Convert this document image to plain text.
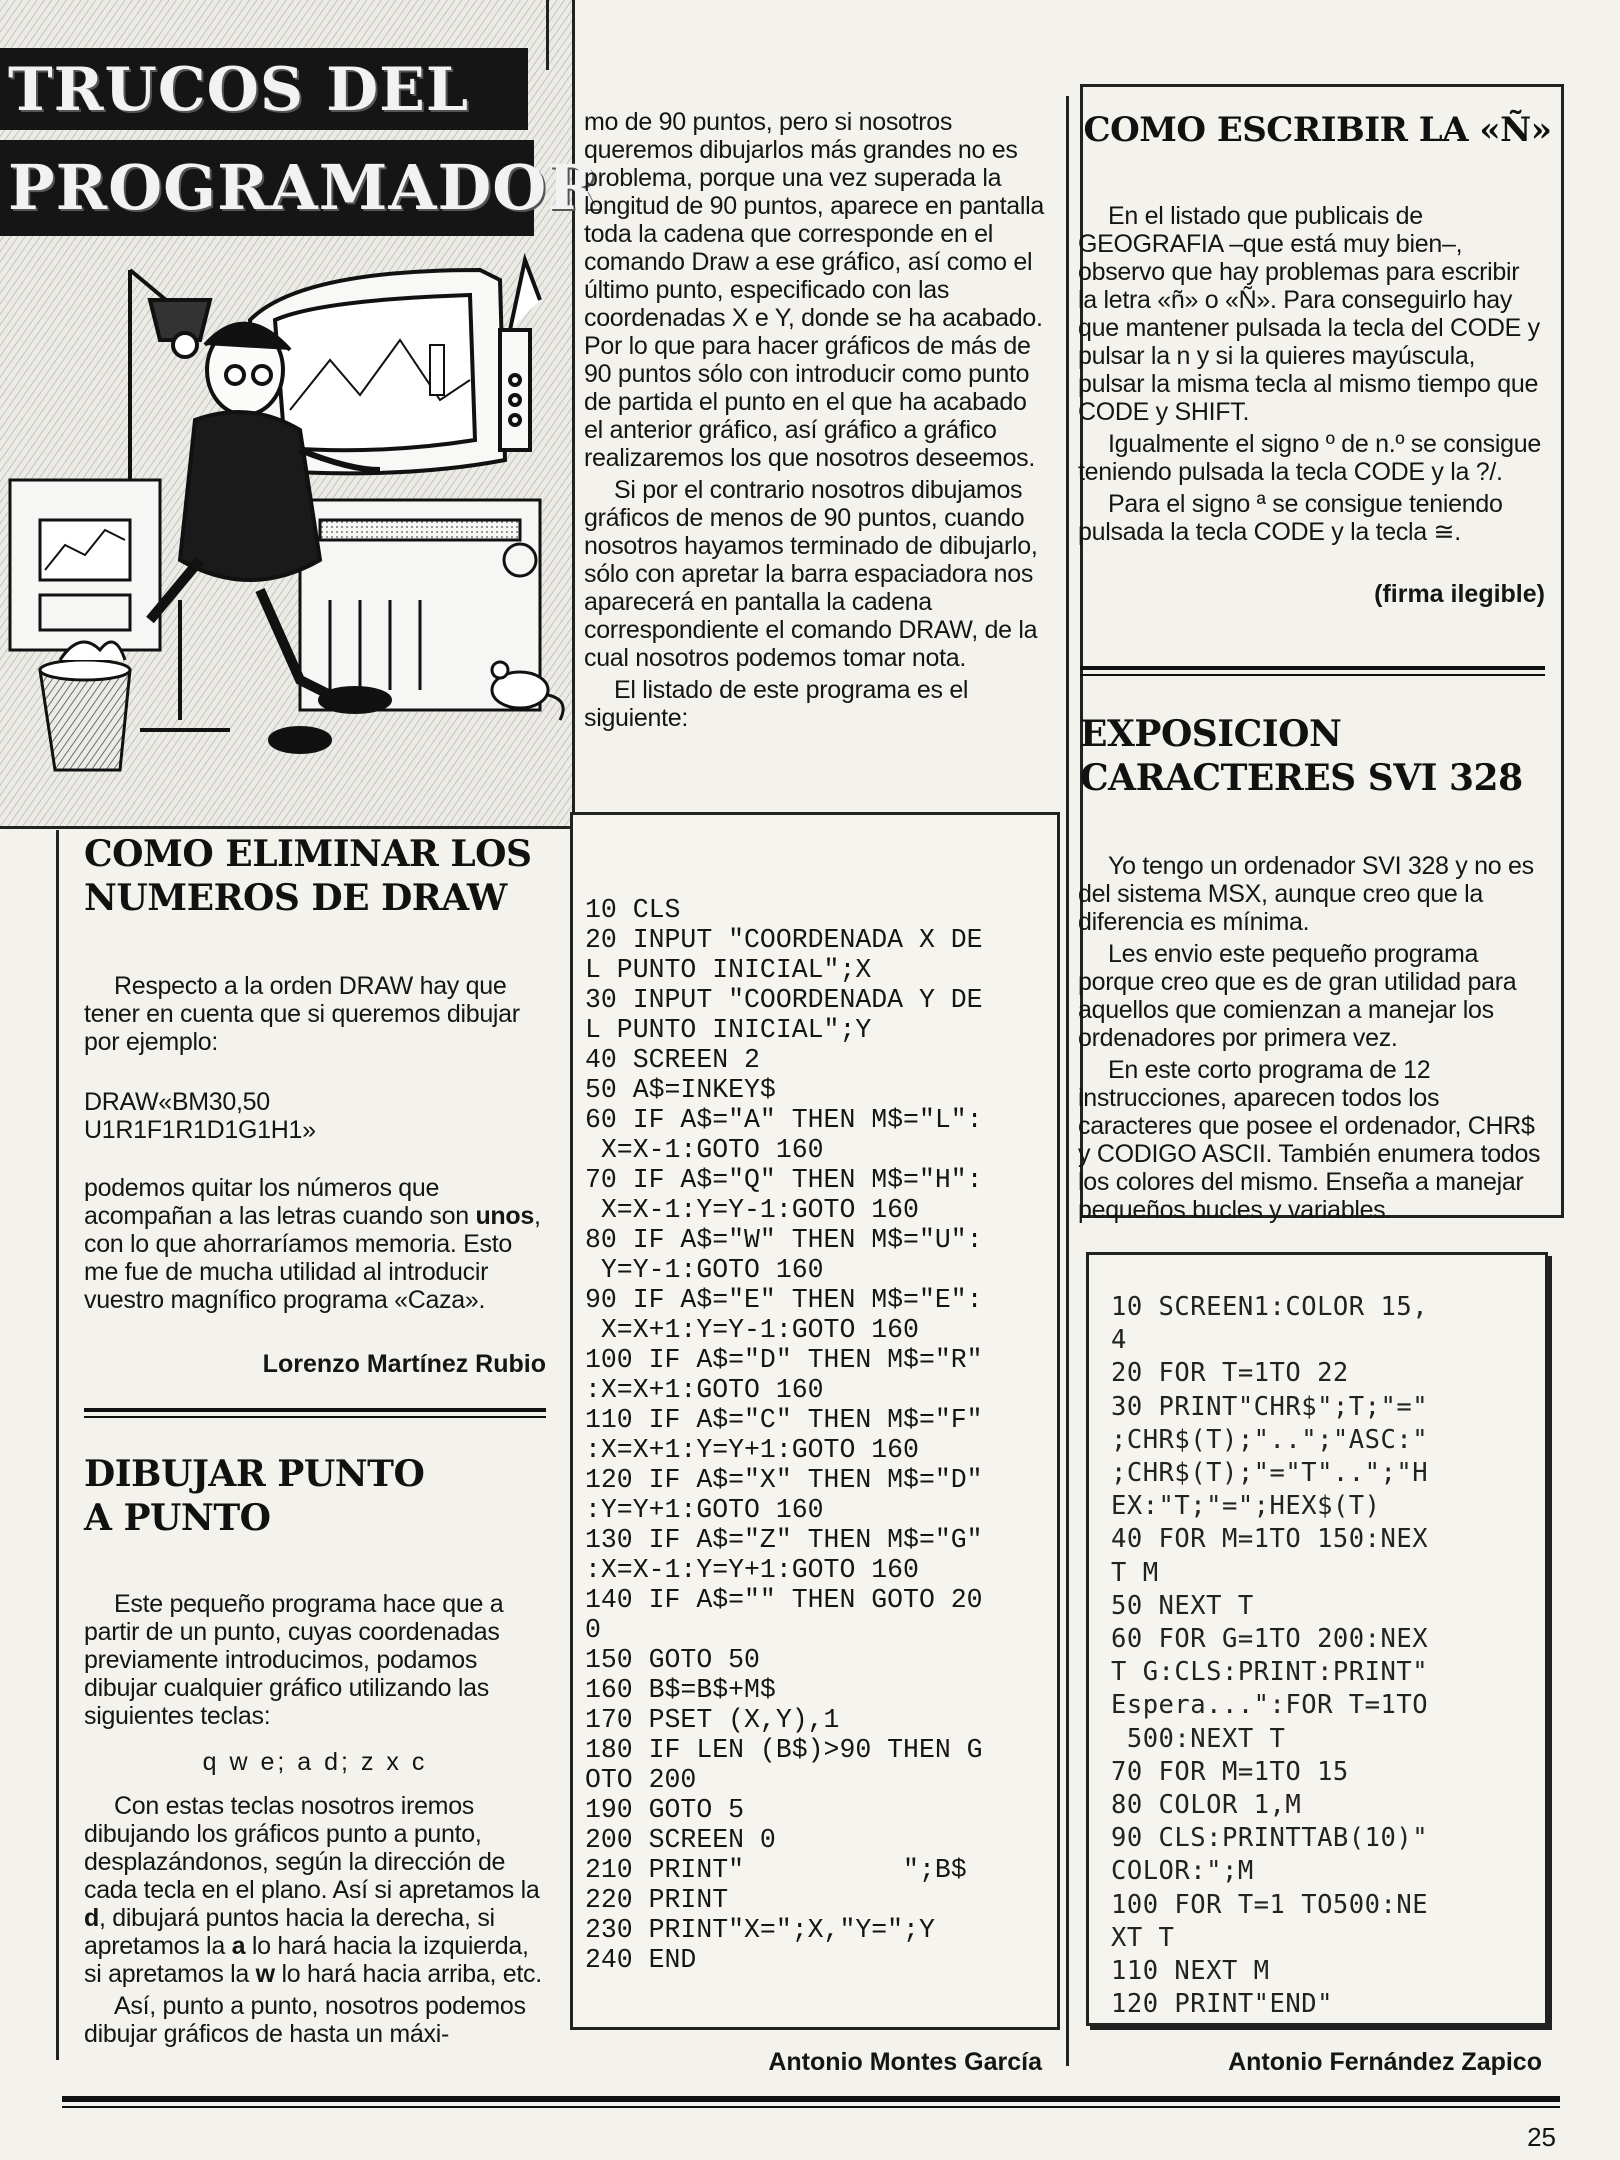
TRUCOS DEL
PROGRAMADOR

mo de 90 puntos, pero si nosotros queremos dibujarlos más grandes no es problema, porque una vez superada la longitud de 90 puntos, aparece en pantalla toda la cadena que corresponde en el comando Draw a ese gráfico, así como el último punto, especificado con las coordenadas X e Y, donde se ha acabado. Por lo que para hacer gráficos de más de 90 puntos sólo con introducir como punto de partida el punto en el que ha acabado el anterior gráfico, así gráfico a gráfico realizaremos los que nosotros deseemos.

Si por el contrario nosotros dibujamos gráficos de menos de 90 puntos, cuando nosotros hayamos terminado de dibujarlo, sólo con apretar la barra espaciadora nos aparecerá en pantalla la cadena correspondiente el comando DRAW, de la cual nosotros podemos tomar nota.

El listado de este programa es el siguiente:

COMO ESCRIBIR LA «Ñ»

En el listado que publicais de GEOGRAFIA –que está muy bien–, observo que hay problemas para escribir la letra «ñ» o «Ñ». Para conseguirlo hay que mantener pulsada la tecla del CODE y pulsar la n y si la quieres mayúscula, pulsar la misma tecla al mismo tiempo que CODE y SHIFT.

Igualmente el signo º de n.º se consigue teniendo pulsada la tecla CODE y la ?/.

Para el signo ª se consigue teniendo pulsada la tecla CODE y la tecla ≅.

(firma ilegible)
EXPOSICION
CARACTERES SVI 328

Yo tengo un ordenador SVI 328 y no es del sistema MSX, aunque creo que la diferencia es mínima.

Les envio este pequeño programa porque creo que es de gran utilidad para aquellos que comienzan a manejar los ordenadores por primera vez.

En este corto programa de 12 instrucciones, aparecen todos los caracteres que posee el ordenador, CHR$ y CODIGO ASCII. También enumera todos los colores del mismo. Enseña a manejar pequeños bucles y variables.

10 SCREEN1:COLOR 15,
4
20 FOR T=1TO 22
30 PRINT"CHR$";T;"="
;CHR$(T);"..";"ASC:"
;CHR$(T);"="T"..";"H
EX:"T;"=";HEX$(T)
40 FOR M=1TO 150:NEX
T M
50 NEXT T
60 FOR G=1TO 200:NEX
T G:CLS:PRINT:PRINT"
Espera...":FOR T=1TO
500:NEXT T
70 FOR M=1TO 15
80 COLOR 1,M
90 CLS:PRINTTAB(10)"
COLOR:";M
100 FOR T=1 TO500:NE
XT T
110 NEXT M
120 PRINT"END"
Antonio Fernández Zapico
10 CLS
20 INPUT "COORDENADA X DE
L PUNTO INICIAL";X
30 INPUT "COORDENADA Y DE
L PUNTO INICIAL";Y
40 SCREEN 2
50 A$=INKEY$
60 IF A$="A" THEN M$="L":
X=X-1:GOTO 160
70 IF A$="Q" THEN M$="H":
X=X-1:Y=Y-1:GOTO 160
80 IF A$="W" THEN M$="U":
Y=Y-1:GOTO 160
90 IF A$="E" THEN M$="E":
X=X+1:Y=Y-1:GOTO 160
100 IF A$="D" THEN M$="R"
:X=X+1:GOTO 160
110 IF A$="C" THEN M$="F"
:X=X+1:Y=Y+1:GOTO 160
120 IF A$="X" THEN M$="D"
:Y=Y+1:GOTO 160
130 IF A$="Z" THEN M$="G"
:X=X-1:Y=Y+1:GOTO 160
140 IF A$="" THEN GOTO 20
0
150 GOTO 50
160 B$=B$+M$
170 PSET (X,Y),1
180 IF LEN (B$)>90 THEN G
OTO 200
190 GOTO 5
200 SCREEN 0
210 PRINT"          ";B$
220 PRINT
230 PRINT"X=";X,"Y=";Y
240 END
Antonio Montes García
COMO ELIMINAR LOS
NUMEROS DE DRAW

Respecto a la orden DRAW hay que tener en cuenta que si queremos dibujar por ejemplo:

DRAW«BM30,50
U1R1F1R1D1G1H1»

podemos quitar los números que acompañan a las letras cuando son unos, con lo que ahorraríamos memoria. Esto me fue de mucha utilidad al introducir vuestro magnífico programa «Caza».

Lorenzo Martínez Rubio
DIBUJAR PUNTO
A PUNTO

Este pequeño programa hace que a partir de un punto, cuyas coordenadas previamente introducimos, podamos dibujar cualquier gráfico utilizando las siguientes teclas:

q w e; a d; z x c

Con estas teclas nosotros iremos dibujando los gráficos punto a punto, desplazándonos, según la dirección de cada tecla en el plano. Así si apretamos la d, dibujará puntos hacia la derecha, si apretamos la a lo hará hacia la izquierda, si apretamos la w lo hará hacia arriba, etc.

Así, punto a punto, nosotros podemos dibujar gráficos de hasta un máxi-

25
